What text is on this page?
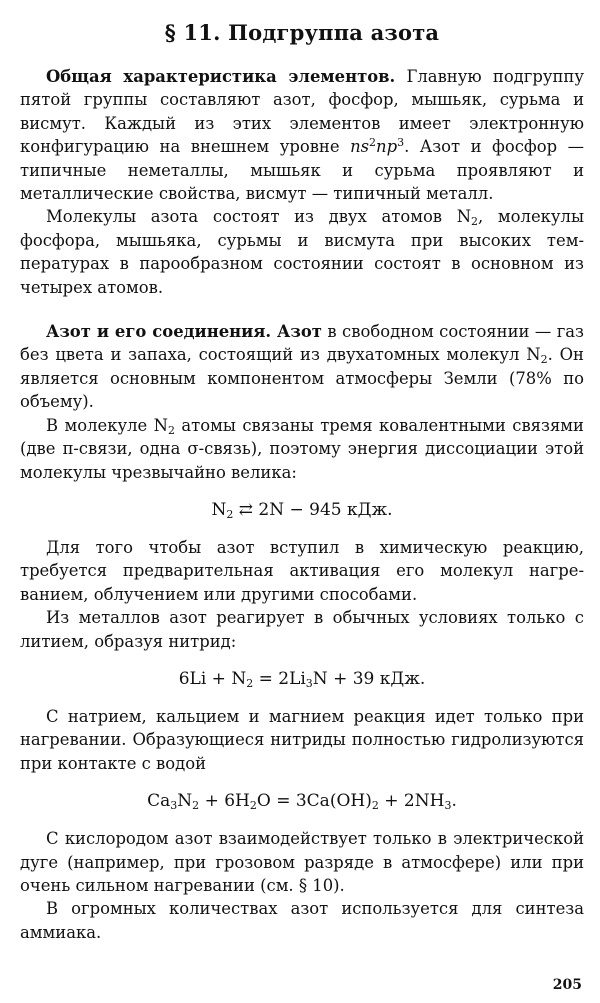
§ 11. Подгруппа азота

Общая характеристика элементов. Главную подгруппу пятой группы составляют азот, фосфор, мышьяк, сурьма и висмут. Каждый из этих элементов имеет электронную конфигурацию на внешнем уровне $ns^2np^3$. Азот и фосфор — типичные неметаллы, мышьяк и сурьма проявляют и металлические свойства, висмут — типичный металл.

Молекулы азота состоят из двух атомов $N_2$, молекулы фосфора, мышьяка, сурьмы и висмута при высоких температурах в парообразном состоянии состоят в основном из четырех атомов.

Азот и его соединения. Азот в свободном состоянии — газ без цвета и запаха, состоящий из двухатомных молекул $N_2$. Он является основным компонентом атмосферы Земли (78% по объему).

В молекуле $N_2$ атомы связаны тремя ковалентными связями (две π-связи, одна σ-связь), поэтому энергия диссоциации этой молекулы чрезвычайно велика:

$N_2$ ⇄ 2N − 945 кДж.

Для того чтобы азот вступил в химическую реакцию, требуется предварительная активация его молекул нагреванием, облучением или другими способами.

Из металлов азот реагирует в обычных условиях только с литием, образуя нитрид:

$6Li + N_2 = 2Li_3N + 39$ кДж.

С натрием, кальцием и магнием реакция идет только при нагревании. Образующиеся нитриды полностью гидролизуются при контакте с водой

$Ca_3N_2 + 6H_2O = 3Ca(OH)_2 + 2NH_3$.

С кислородом азот взаимодействует только в электрической дуге (например, при грозовом разряде в атмосфере) или при очень сильном нагревании (см. § 10).

В огромных количествах азот используется для синтеза аммиака.

205
